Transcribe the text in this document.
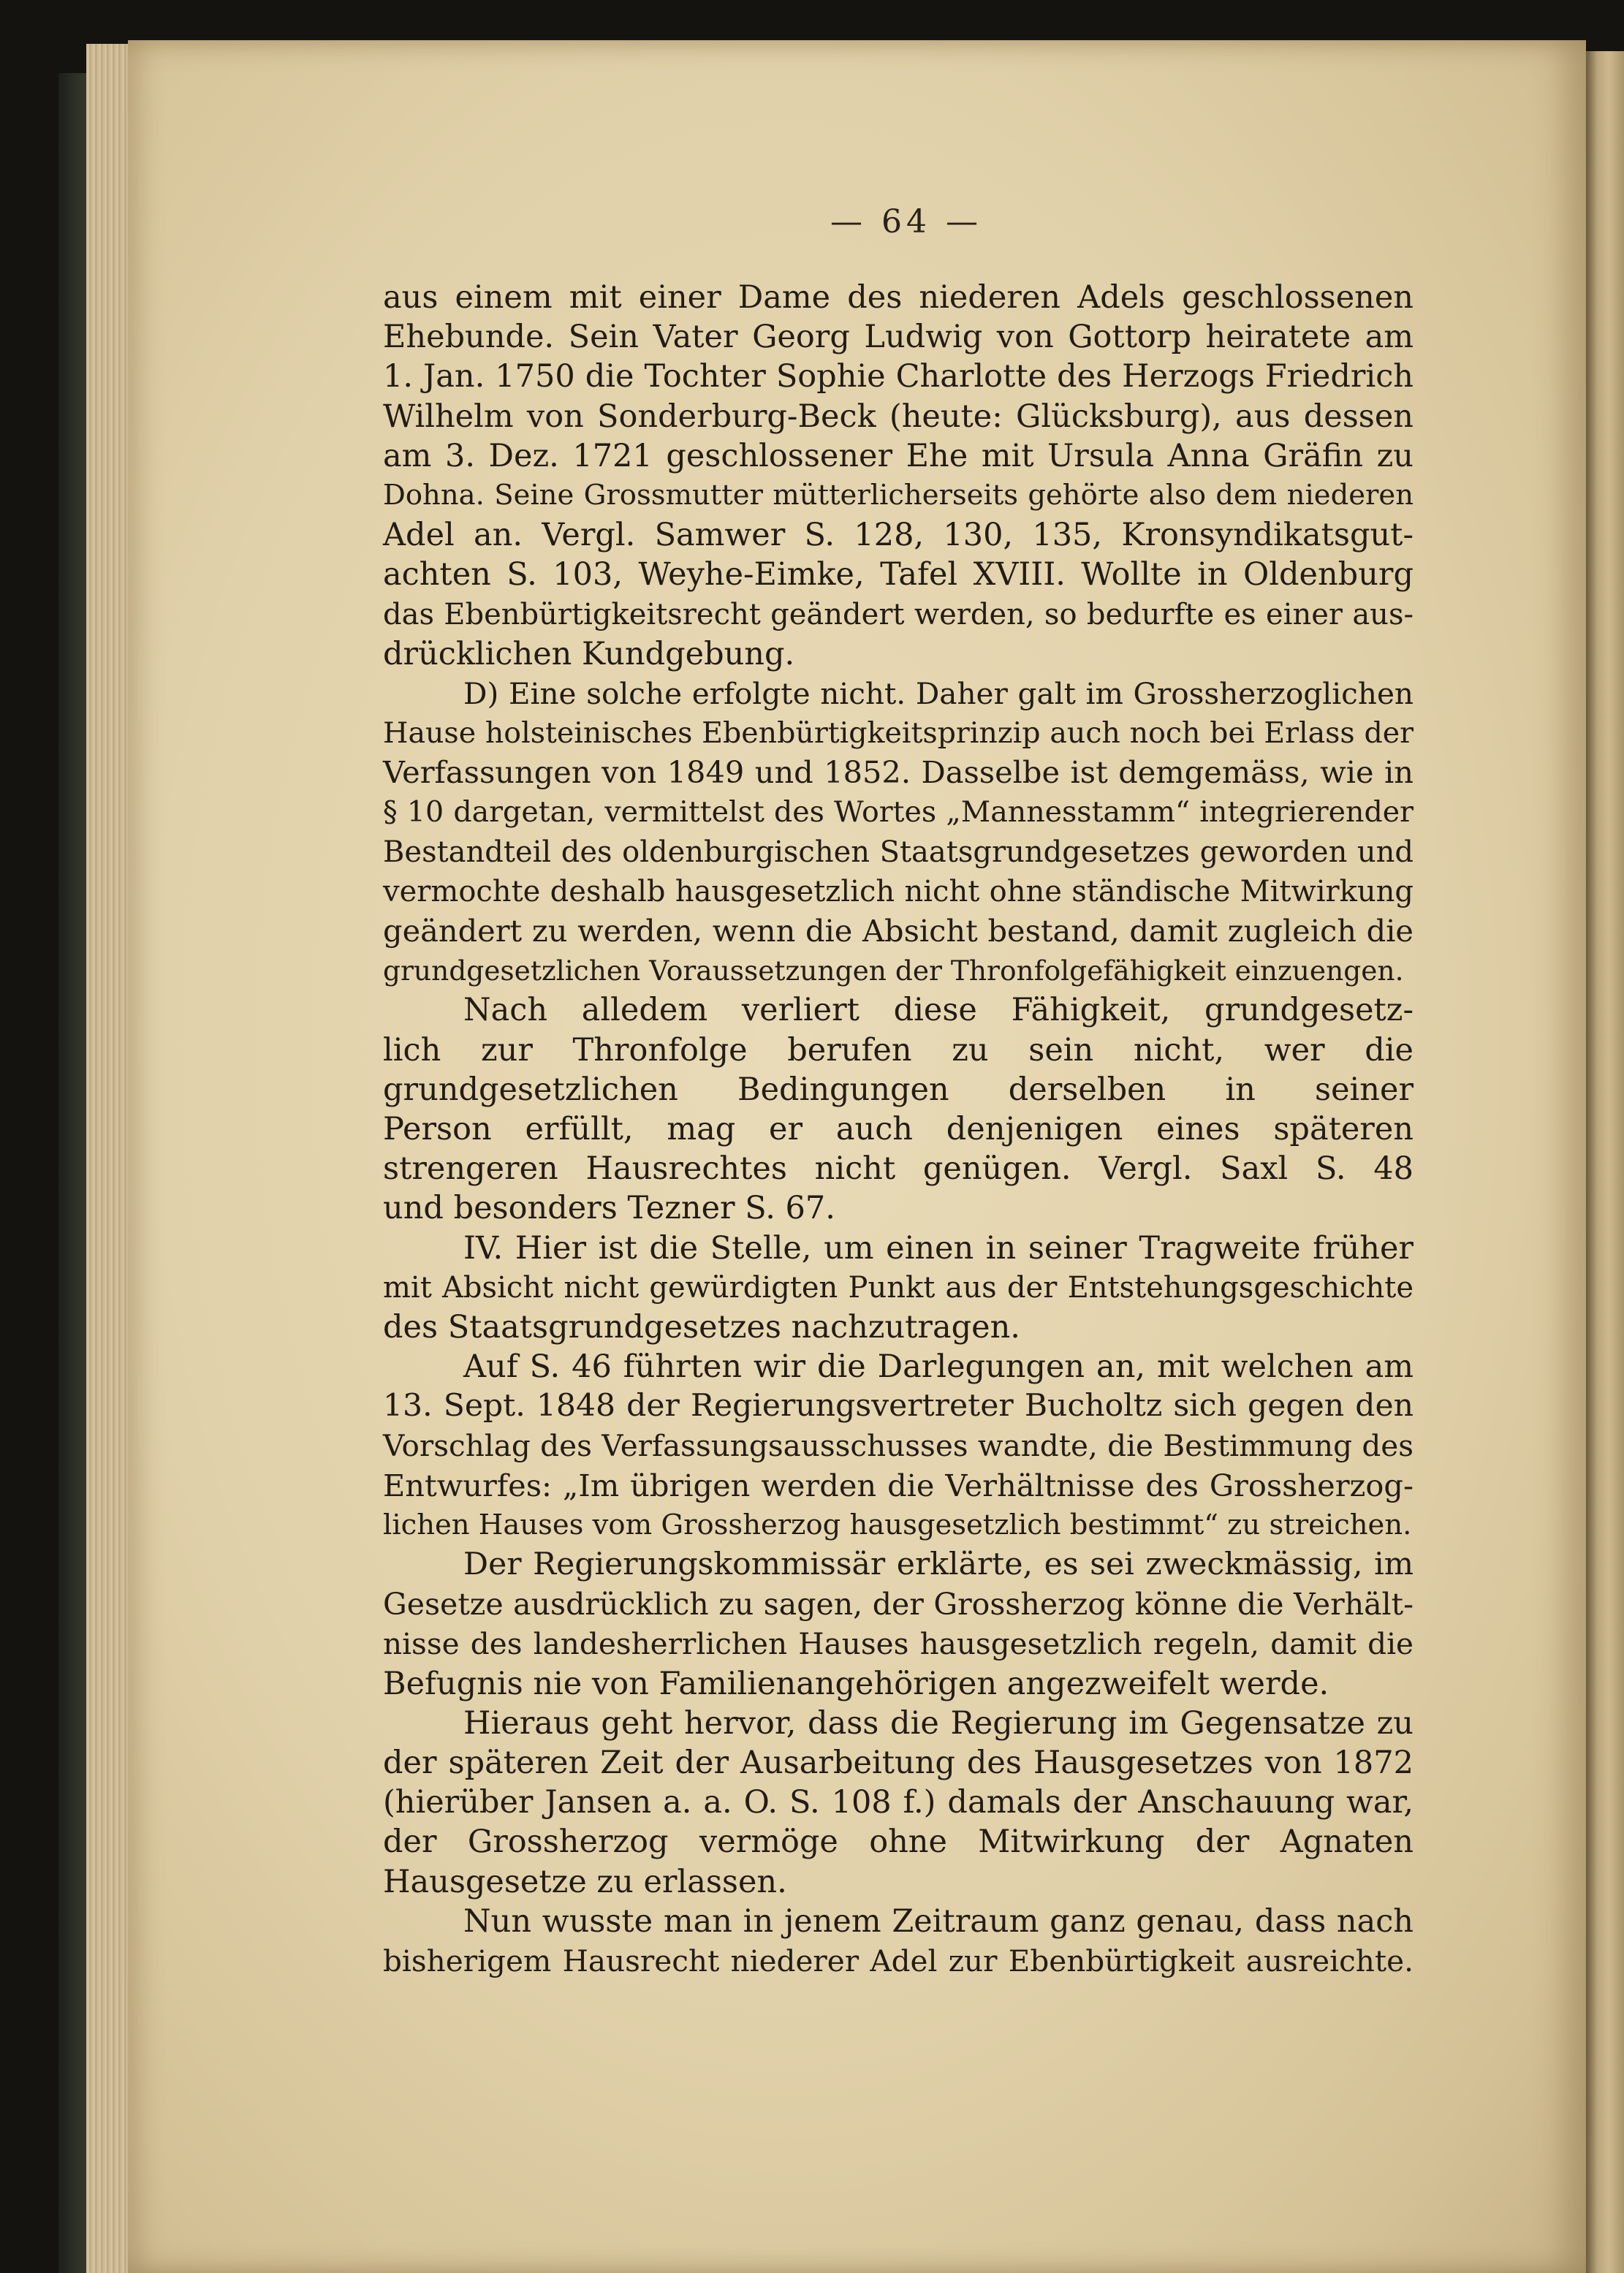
— 64 —
aus einem mit einer Dame des niederen Adels geschlossenen
Ehebunde. Sein Vater Georg Ludwig von Gottorp heiratete am
1. Jan. 1750 die Tochter Sophie Charlotte des Herzogs Friedrich
Wilhelm von Sonderburg-Beck (heute: Glücksburg), aus dessen
am 3. Dez. 1721 geschlossener Ehe mit Ursula Anna Gräfin zu
Dohna. Seine Grossmutter mütterlicherseits gehörte also dem niederen
Adel an. Vergl. Samwer S. 128, 130, 135, Kronsyndikatsgut-
achten S. 103, Weyhe-Eimke, Tafel XVIII. Wollte in Oldenburg
das Ebenbürtigkeitsrecht geändert werden, so bedurfte es einer aus-
drücklichen Kundgebung.
D) Eine solche erfolgte nicht. Daher galt im Grossherzoglichen
Hause holsteinisches Ebenbürtigkeitsprinzip auch noch bei Erlass der
Verfassungen von 1849 und 1852. Dasselbe ist demgemäss, wie in
§ 10 dargetan, vermittelst des Wortes „Mannesstamm“ integrierender
Bestandteil des oldenburgischen Staatsgrundgesetzes geworden und
vermochte deshalb hausgesetzlich nicht ohne ständische Mitwirkung
geändert zu werden, wenn die Absicht bestand, damit zugleich die
grundgesetzlichen Voraussetzungen der Thronfolgefähigkeit einzuengen.
Nach alledem verliert diese Fähigkeit, grundgesetz-
lich zur Thronfolge berufen zu sein nicht, wer die
grundgesetzlichen Bedingungen derselben in seiner
Person erfüllt, mag er auch denjenigen eines späteren
strengeren Hausrechtes nicht genügen. Vergl. Saxl S. 48
und besonders Tezner S. 67.
IV. Hier ist die Stelle, um einen in seiner Tragweite früher
mit Absicht nicht gewürdigten Punkt aus der Entstehungsgeschichte
des Staatsgrundgesetzes nachzutragen.
Auf S. 46 führten wir die Darlegungen an, mit welchen am
13. Sept. 1848 der Regierungsvertreter Bucholtz sich gegen den
Vorschlag des Verfassungsausschusses wandte, die Bestimmung des
Entwurfes: „Im übrigen werden die Verhältnisse des Grossherzog-
lichen Hauses vom Grossherzog hausgesetzlich bestimmt“ zu streichen.
Der Regierungskommissär erklärte, es sei zweckmässig, im
Gesetze ausdrücklich zu sagen, der Grossherzog könne die Verhält-
nisse des landesherrlichen Hauses hausgesetzlich regeln, damit die
Befugnis nie von Familienangehörigen angezweifelt werde.
Hieraus geht hervor, dass die Regierung im Gegensatze zu
der späteren Zeit der Ausarbeitung des Hausgesetzes von 1872
(hierüber Jansen a. a. O. S. 108 f.) damals der Anschauung war,
der Grossherzog vermöge ohne Mitwirkung der Agnaten
Hausgesetze zu erlassen.
Nun wusste man in jenem Zeitraum ganz genau, dass nach
bisherigem Hausrecht niederer Adel zur Ebenbürtigkeit ausreichte.
